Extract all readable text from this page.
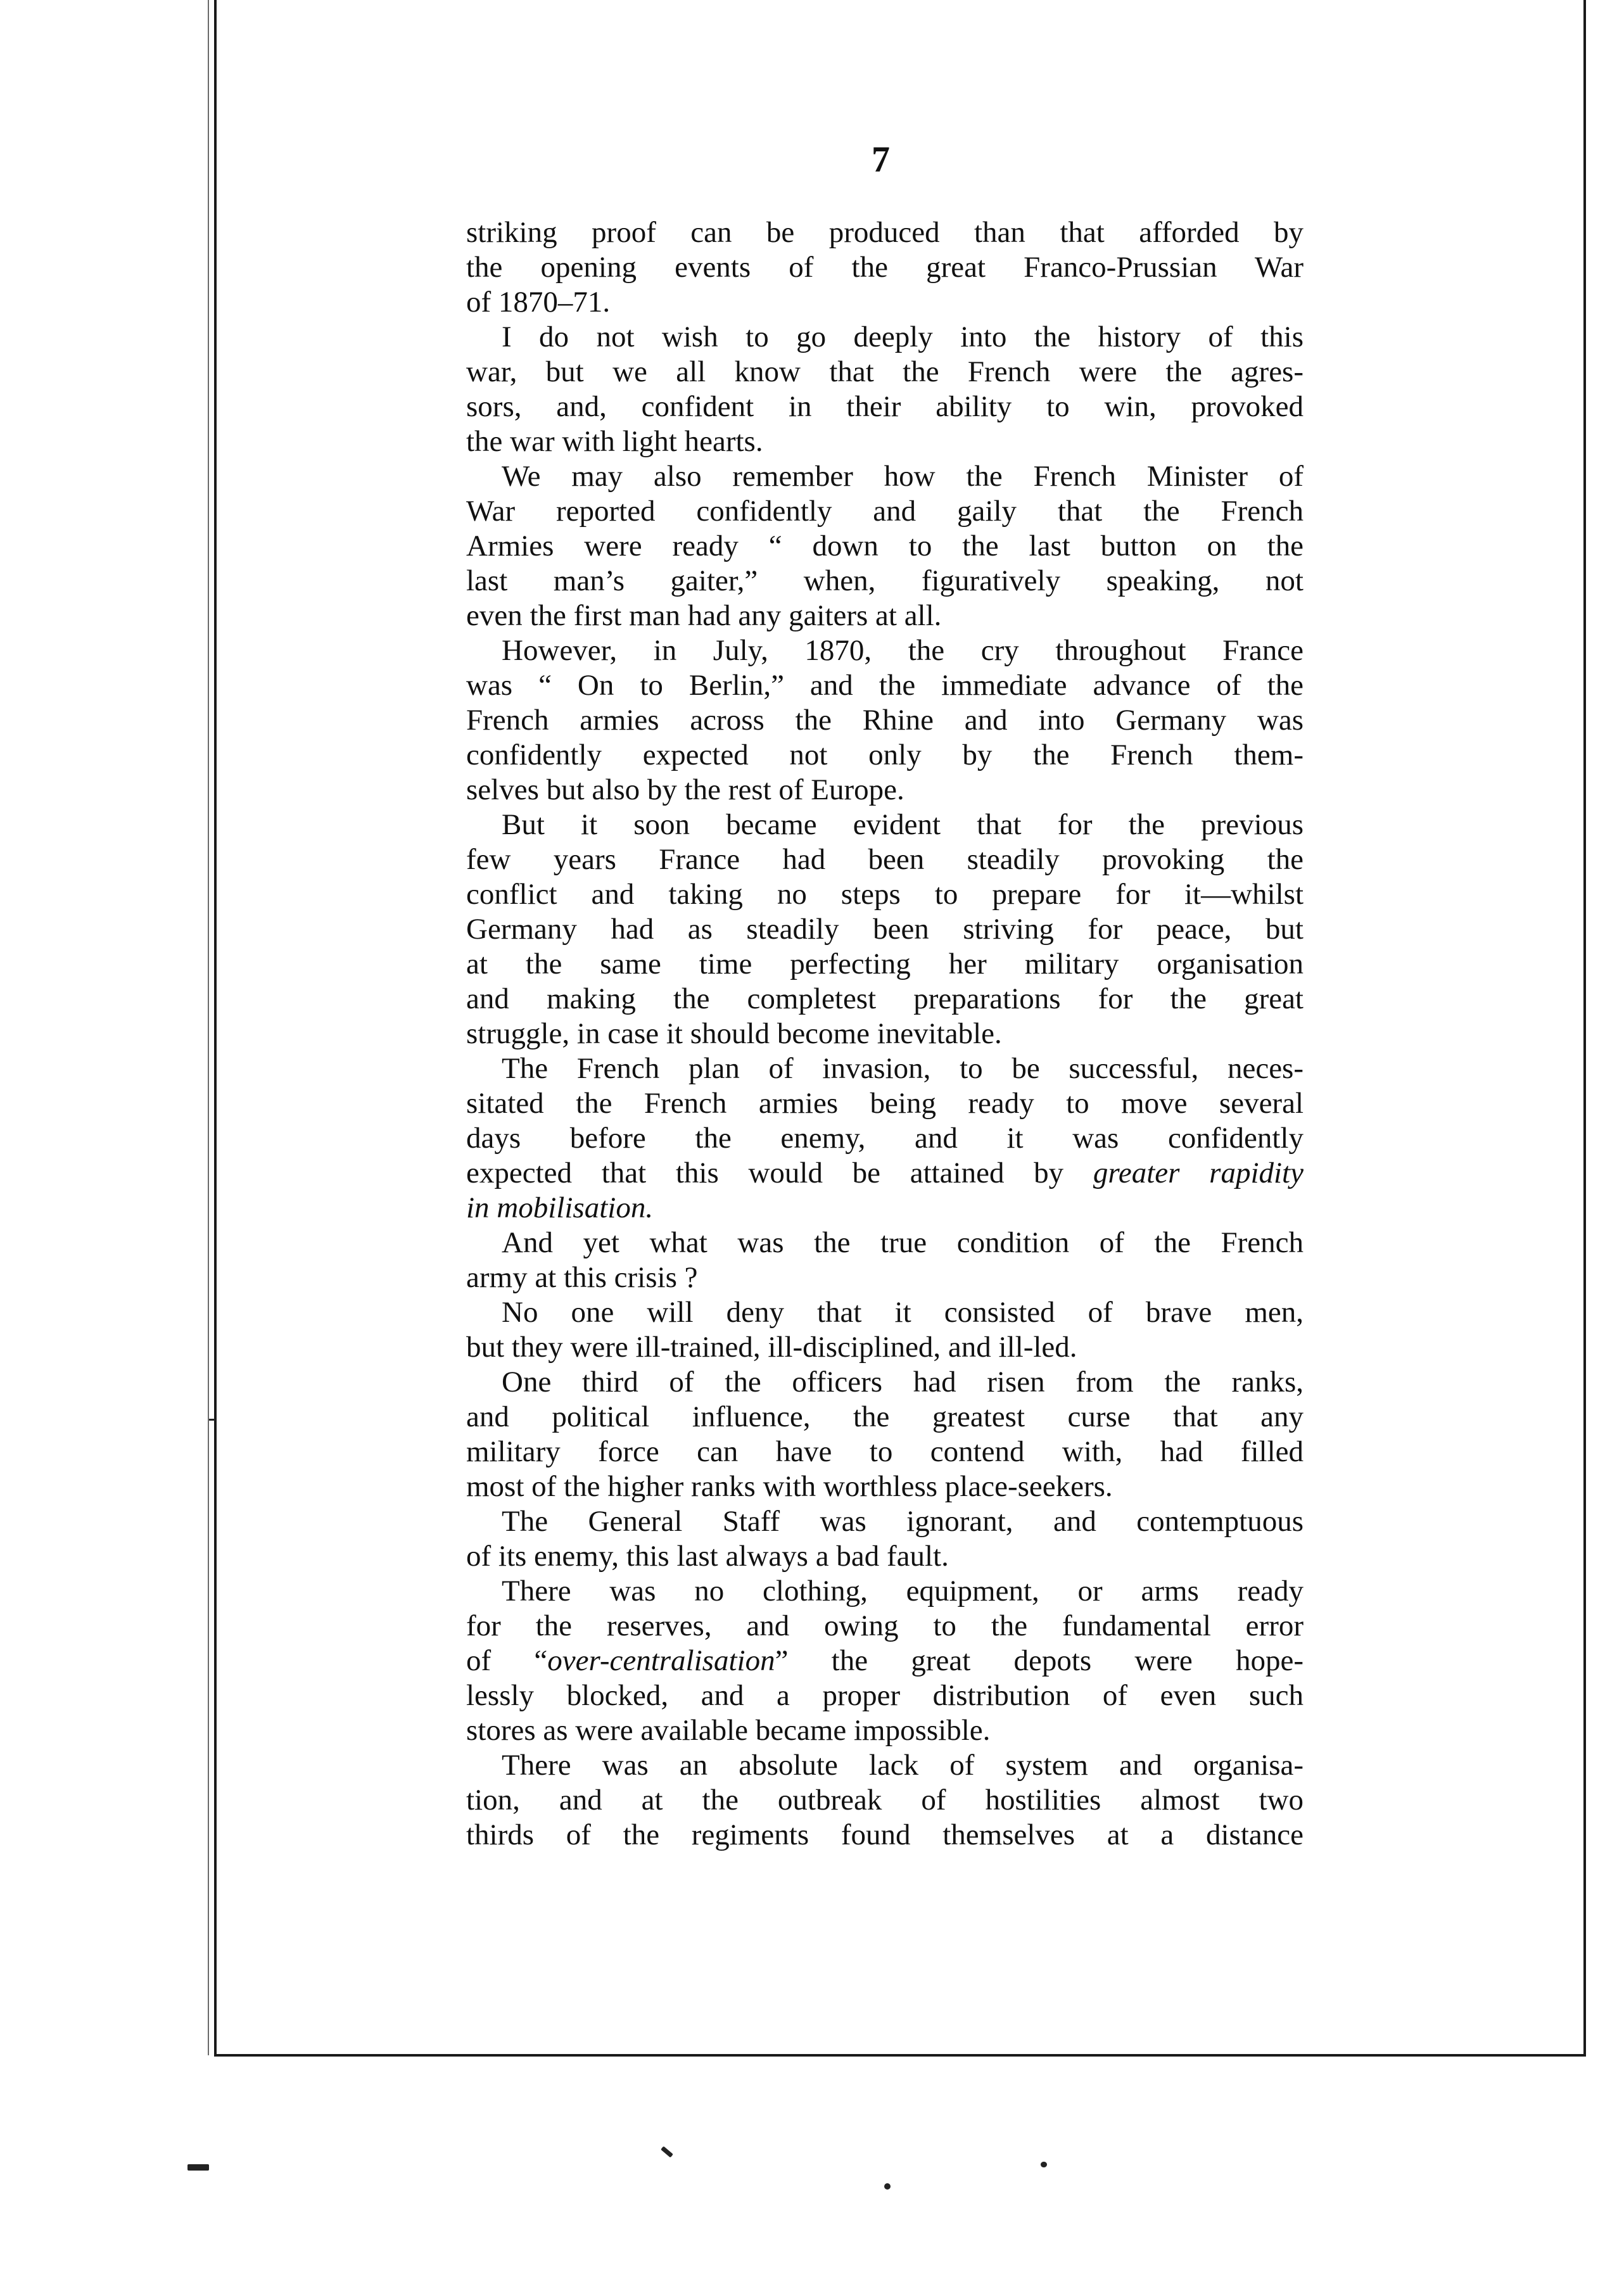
7
striking proof can be produced than that afforded by
the opening events of the great Franco-Prussian War
of 1870–71.
I do not wish to go deeply into the history of this
war, but we all know that the French were the agres-
sors, and, confident in their ability to win, provoked
the war with light hearts.
We may also remember how the French Minister of
War reported confidently and gaily that the French
Armies were ready “ down to the last button on the
last man’s gaiter,” when, figuratively speaking, not
even the first man had any gaiters at all.
However, in July, 1870, the cry throughout France
was “ On to Berlin,” and the immediate advance of the
French armies across the Rhine and into Germany was
confidently expected not only by the French them-
selves but also by the rest of Europe.
But it soon became evident that for the previous
few years France had been steadily provoking the
conflict and taking no steps to prepare for it—whilst
Germany had as steadily been striving for peace, but
at the same time perfecting her military organisation
and making the completest preparations for the great
struggle, in case it should become inevitable.
The French plan of invasion, to be successful, neces-
sitated the French armies being ready to move several
days before the enemy, and it was confidently
expected that this would be attained by greater rapidity
in mobilisation.
And yet what was the true condition of the French
army at this crisis ?
No one will deny that it consisted of brave men,
but they were ill-trained, ill-disciplined, and ill-led.
One third of the officers had risen from the ranks,
and political influence, the greatest curse that any
military force can have to contend with, had filled
most of the higher ranks with worthless place-seekers.
The General Staff was ignorant, and contemptuous
of its enemy, this last always a bad fault.
There was no clothing, equipment, or arms ready
for the reserves, and owing to the fundamental error
of “over-centralisation” the great depots were hope-
lessly blocked, and a proper distribution of even such
stores as were available became impossible.
There was an absolute lack of system and organisa-
tion, and at the outbreak of hostilities almost two
thirds of the regiments found themselves at a distance
